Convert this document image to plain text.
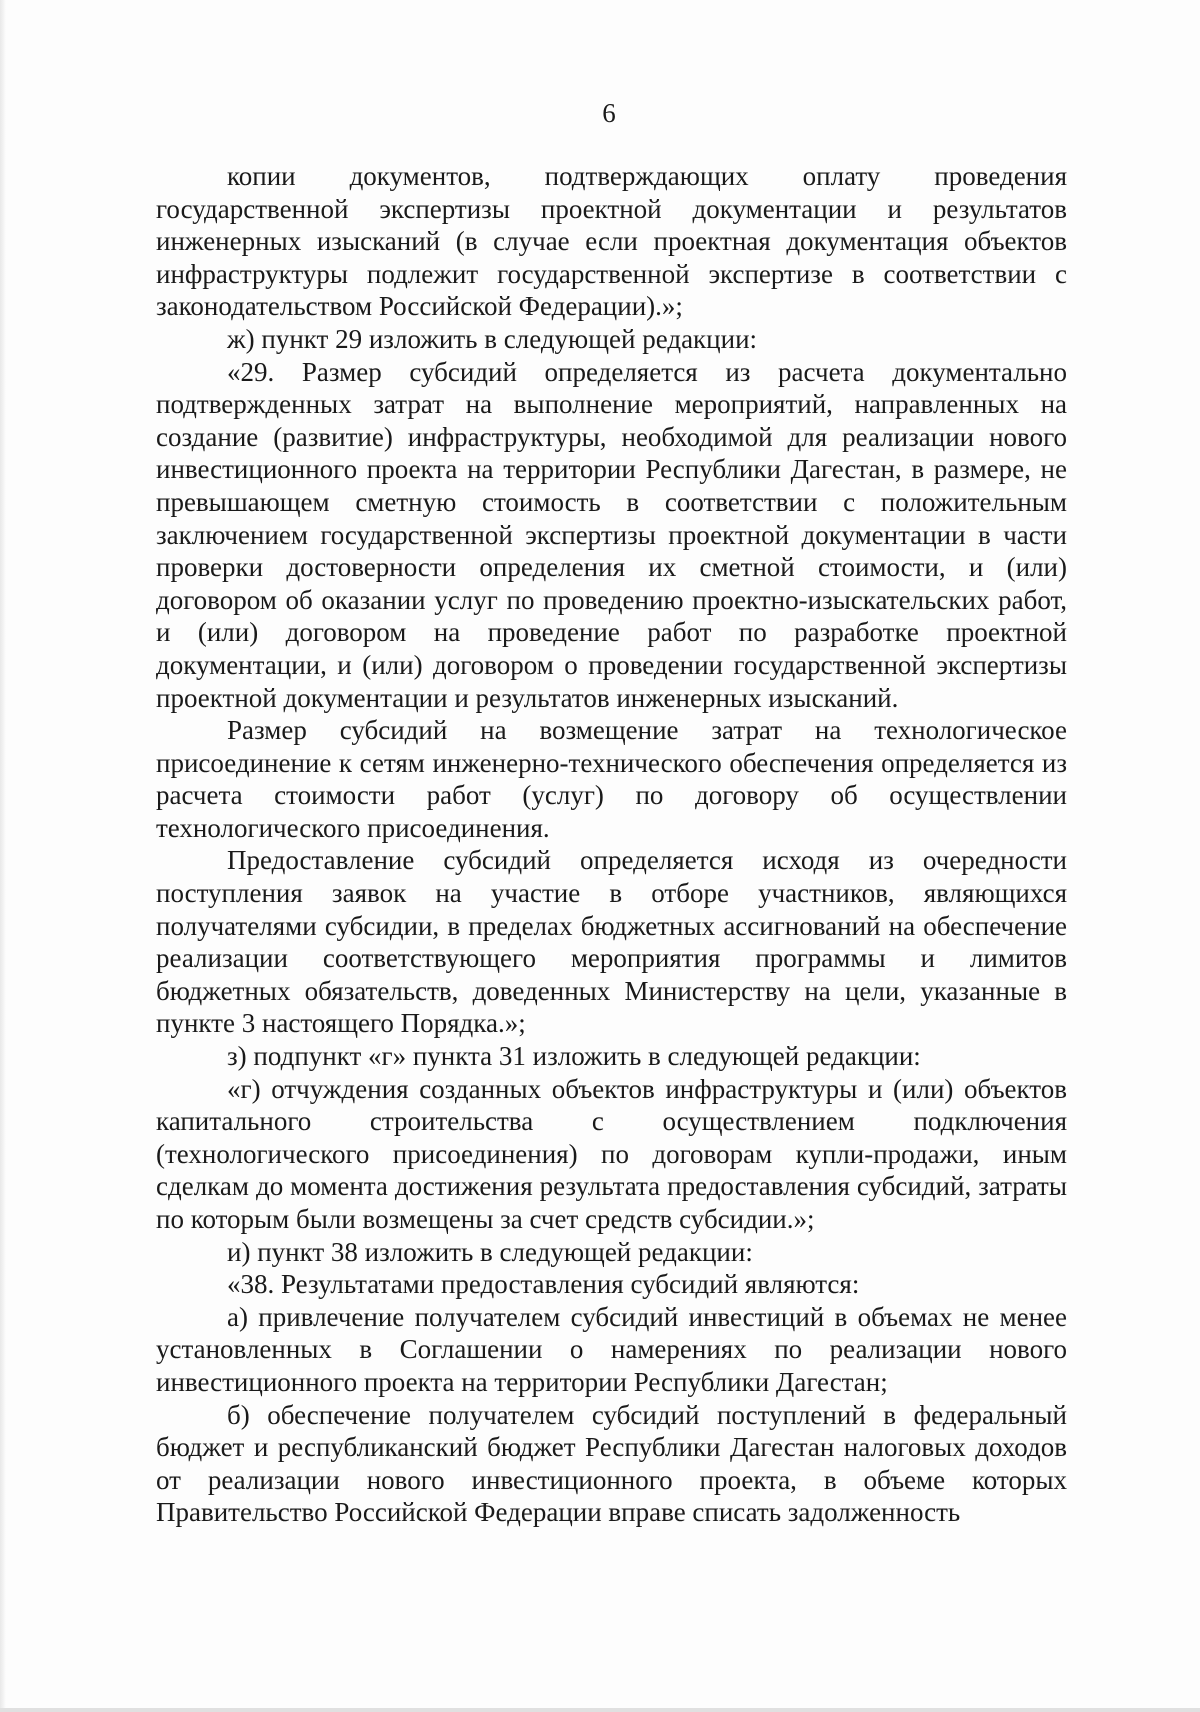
6

копии документов, подтверждающих оплату проведения государственной экспертизы проектной документации и результатов инженерных изысканий (в случае если проектная документация объектов инфраструктуры подлежит государственной экспертизе в соответствии с законодательством Российской Федерации).»;

ж) пункт 29 изложить в следующей редакции:

«29. Размер субсидий определяется из расчета документально подтвержденных затрат на выполнение мероприятий, направленных на создание (развитие) инфраструктуры, необходимой для реализации нового инвестиционного проекта на территории Республики Дагестан, в размере, не превышающем сметную стоимость в соответствии с положительным заключением государственной экспертизы проектной документации в части проверки достоверности определения их сметной стоимости, и (или) договором об оказании услуг по проведению проектно-изыскательских работ, и (или) договором на проведение работ по разработке проектной документации, и (или) договором о проведении государственной экспертизы проектной документации и результатов инженерных изысканий.

Размер субсидий на возмещение затрат на технологическое присоединение к сетям инженерно-технического обеспечения определяется из расчета стоимости работ (услуг) по договору об осуществлении технологического присоединения.

Предоставление субсидий определяется исходя из очередности поступления заявок на участие в отборе участников, являющихся получателями субсидии, в пределах бюджетных ассигнований на обеспечение реализации соответствующего мероприятия программы и лимитов бюджетных обязательств, доведенных Министерству на цели, указанные в пункте 3 настоящего Порядка.»;

з) подпункт «г» пункта 31 изложить в следующей редакции:

«г) отчуждения созданных объектов инфраструктуры и (или) объектов капитального строительства с осуществлением подключения (технологического присоединения) по договорам купли-продажи, иным сделкам до момента достижения результата предоставления субсидий, затраты по которым были возмещены за счет средств субсидии.»;

и) пункт 38 изложить в следующей редакции:

«38. Результатами предоставления субсидий являются:

а) привлечение получателем субсидий инвестиций в объемах не менее установленных в Соглашении о намерениях по реализации нового инвестиционного проекта на территории Республики Дагестан;

б) обеспечение получателем субсидий поступлений в федеральный бюджет и республиканский бюджет Республики Дагестан налоговых доходов от реализации нового инвестиционного проекта, в объеме которых Правительство Российской Федерации вправе списать задолженность
